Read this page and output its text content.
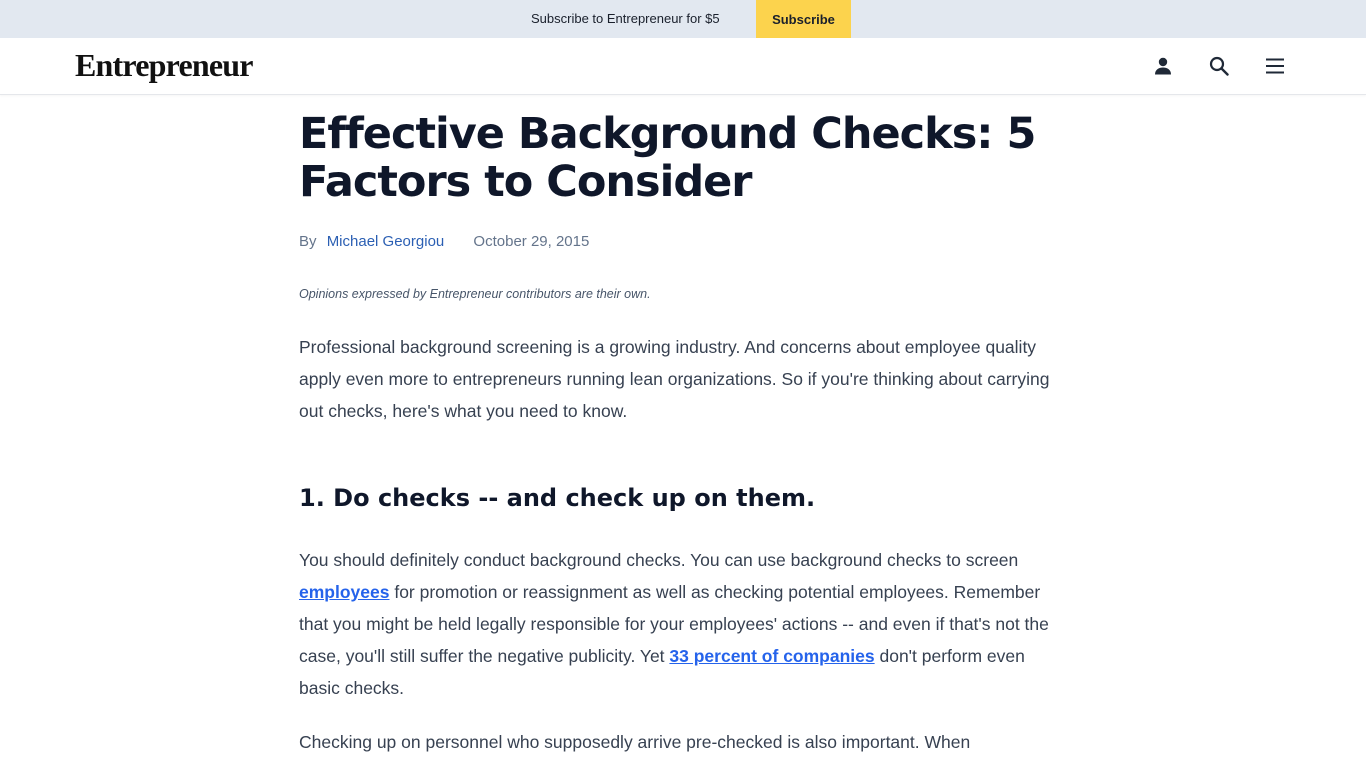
Subscribe to Entrepreneur for $5	Subscribe
Entrepreneur
Effective Background Checks: 5 Factors to Consider
By Michael Georgiou October 29, 2015
Opinions expressed by Entrepreneur contributors are their own.

Professional background screening is a growing industry. And concerns about employee quality apply even more to entrepreneurs running lean organizations. So if you're thinking about carrying out checks, here's what you need to know.

1. Do checks -- and check up on them.

You should definitely conduct background checks. You can use background checks to screen employees for promotion or reassignment as well as checking potential employees. Remember that you might be held legally responsible for your employees' actions -- and even if that's not the case, you'll still suffer the negative publicity. Yet 33 percent of companies don't perform even basic checks.

Checking up on personnel who supposedly arrive pre-checked is also important. When
